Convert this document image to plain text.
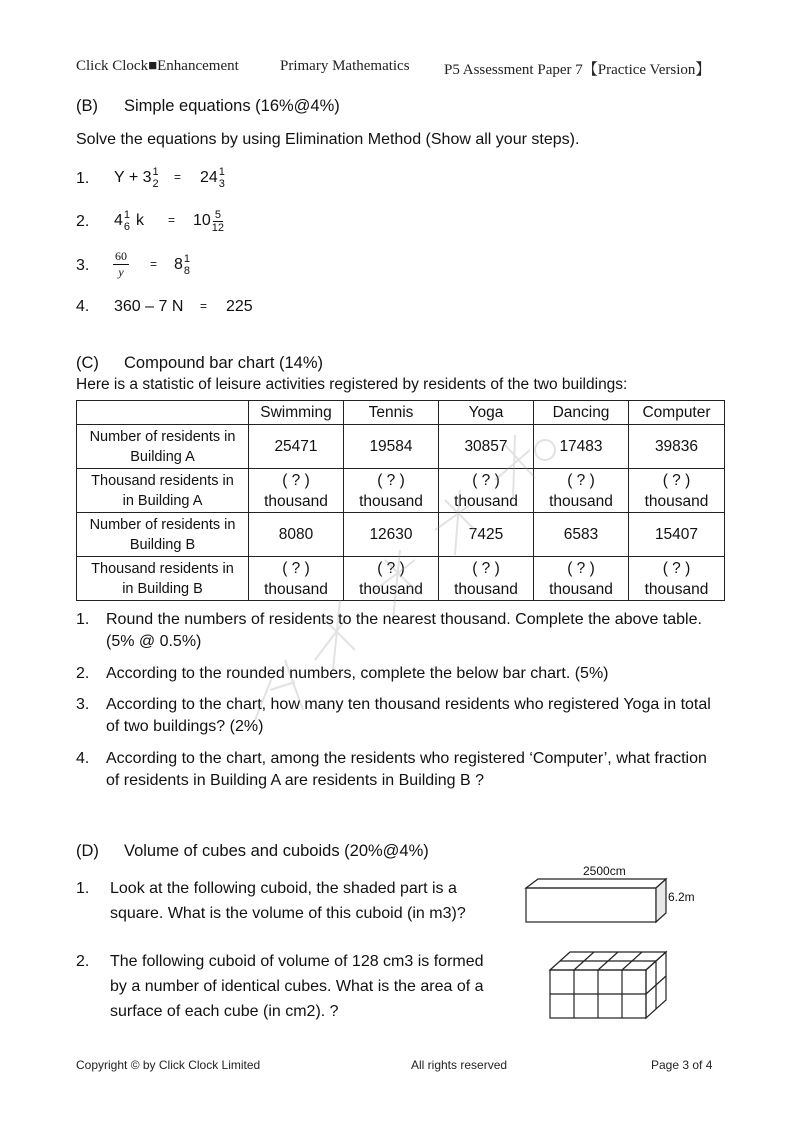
Click Clock■Enhancement	Primary Mathematics P5 Assessment Paper 7【Practice Version】
(B) Simple equations (16%@4%)
Solve the equations by using Elimination Method (Show all your steps).
1. Y + 3 1
2 = 24 1
3
2. 4 1
6 $k = 10 \frac{5}{12}$
3. $\frac{60}{y} = 8$ 1
8
4. 360 – 7 N = 225
(C) Compound bar chart (14%)
Here is a statistic of leisure activities registered by residents of the two buildings:
	Swimming	Tennis	Yoga	Dancing	Computer
Number of residents in
Building A	25471	19584	30857	17483	39836
Thousand residents in
in Building A	( ? )
thousand	( ? )
thousand	( ? )
thousand	( ? )
thousand	( ? )
thousand
Number of residents in
Building B	8080	12630	7425	6583	15407
Thousand residents in
in Building B	( ? )
thousand	( ? )
thousand	( ? )
thousand	( ? )
thousand	( ? )
thousand
1. Round the numbers of residents to the nearest thousand. Complete the above table.
(5% @ 0.5%)
2. According to the rounded numbers, complete the below bar chart. (5%)
3. According to the chart, how many ten thousand residents who registered Yoga in total
of two buildings? (2%)
4. According to the chart, among the residents who registered ‘Computer’, what fraction
of residents in Building A are residents in Building B ?
(D) Volume of cubes and cuboids (20%@4%)
1. Look at the following cuboid, the shaded part is a
square. What is the volume of this cuboid (in m3)?
2500cm
6.2m
2. The following cuboid of volume of 128 cm3 is formed
by a number of identical cubes. What is the area of a
surface of each cube (in cm2). ?
Copyright © by Click Clock Limited	All rights reserved	Page 3 of 4
